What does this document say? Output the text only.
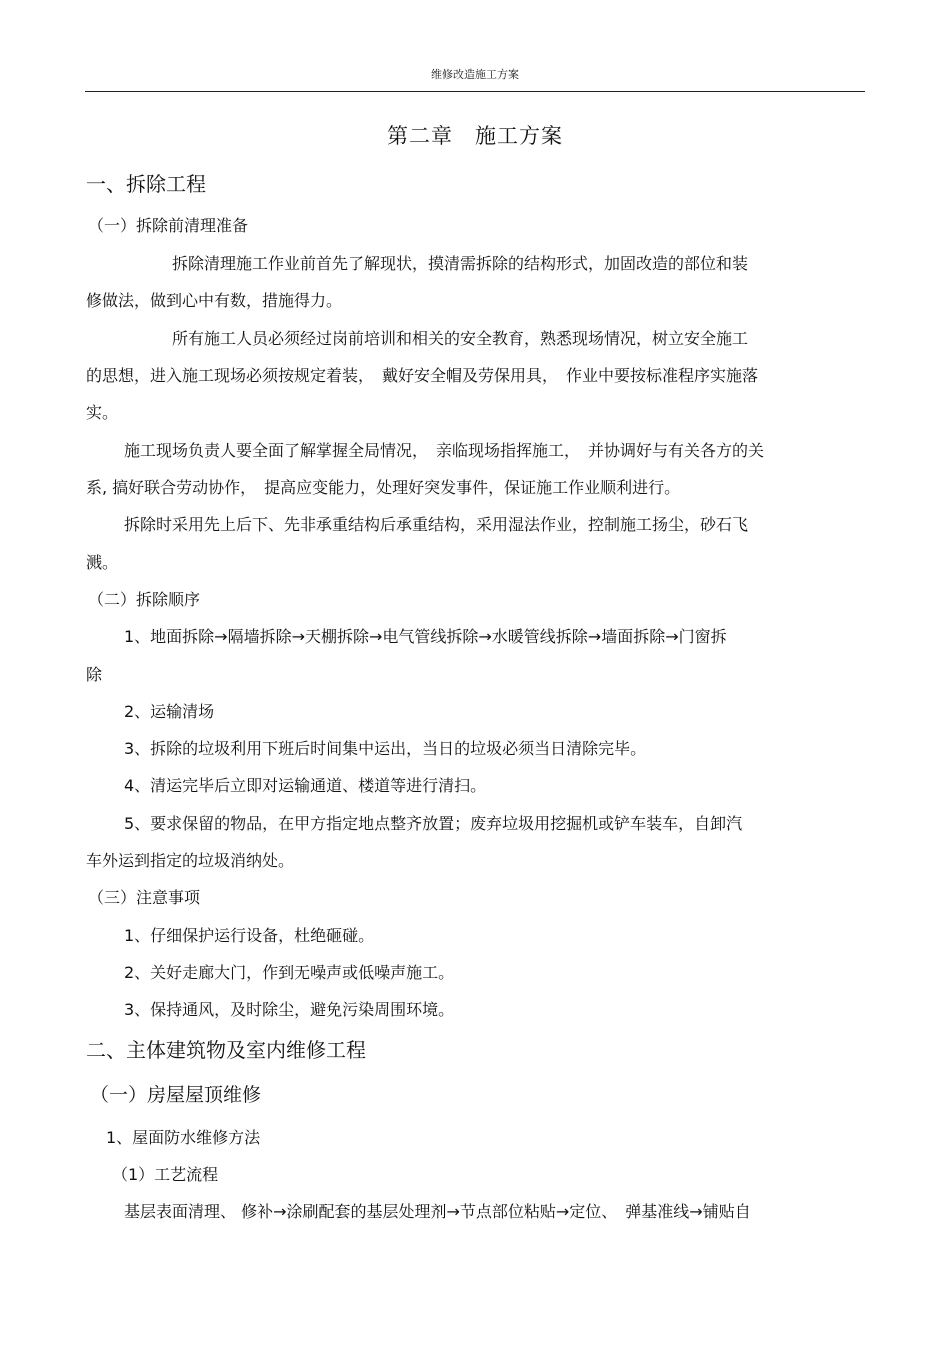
维修改造施工方案
第二章　施工方案
一、拆除工程
（一）拆除前清理准备
拆除清理施工作业前首先了解现状，摸清需拆除的结构形式，加固改造的部位和装
修做法，做到心中有数，措施得力。
所有施工人员必须经过岗前培训和相关的安全教育，熟悉现场情况，树立安全施工
的思想，进入施工现场必须按规定着装，　戴好安全帽及劳保用具，　作业中要按标准程序实施落
实。
施工现场负责人要全面了解掌握全局情况，　亲临现场指挥施工，　并协调好与有关各方的关
系, 搞好联合劳动协作，　提高应变能力，处理好突发事件，保证施工作业顺利进行。
拆除时采用先上后下、先非承重结构后承重结构，采用湿法作业，控制施工扬尘，砂石飞
溅。
（二）拆除顺序
1、地面拆除→隔墙拆除→天棚拆除→电气管线拆除→水暖管线拆除→墙面拆除→门窗拆
除
2、运输清场
3、拆除的垃圾利用下班后时间集中运出，当日的垃圾必须当日清除完毕。
4、清运完毕后立即对运输通道、楼道等进行清扫。
5、要求保留的物品，在甲方指定地点整齐放置；废弃垃圾用挖掘机或铲车装车，自卸汽
车外运到指定的垃圾消纳处。
（三）注意事项
1、仔细保护运行设备，杜绝砸碰。
2、关好走廊大门，作到无噪声或低噪声施工。
3、保持通风，及时除尘，避免污染周围环境。
二、主体建筑物及室内维修工程
（一）房屋屋顶维修
1、屋面防水维修方法
（1）工艺流程
基层表面清理、 修补→涂刷配套的基层处理剂→节点部位粘贴→定位、　弹基准线→铺贴自
